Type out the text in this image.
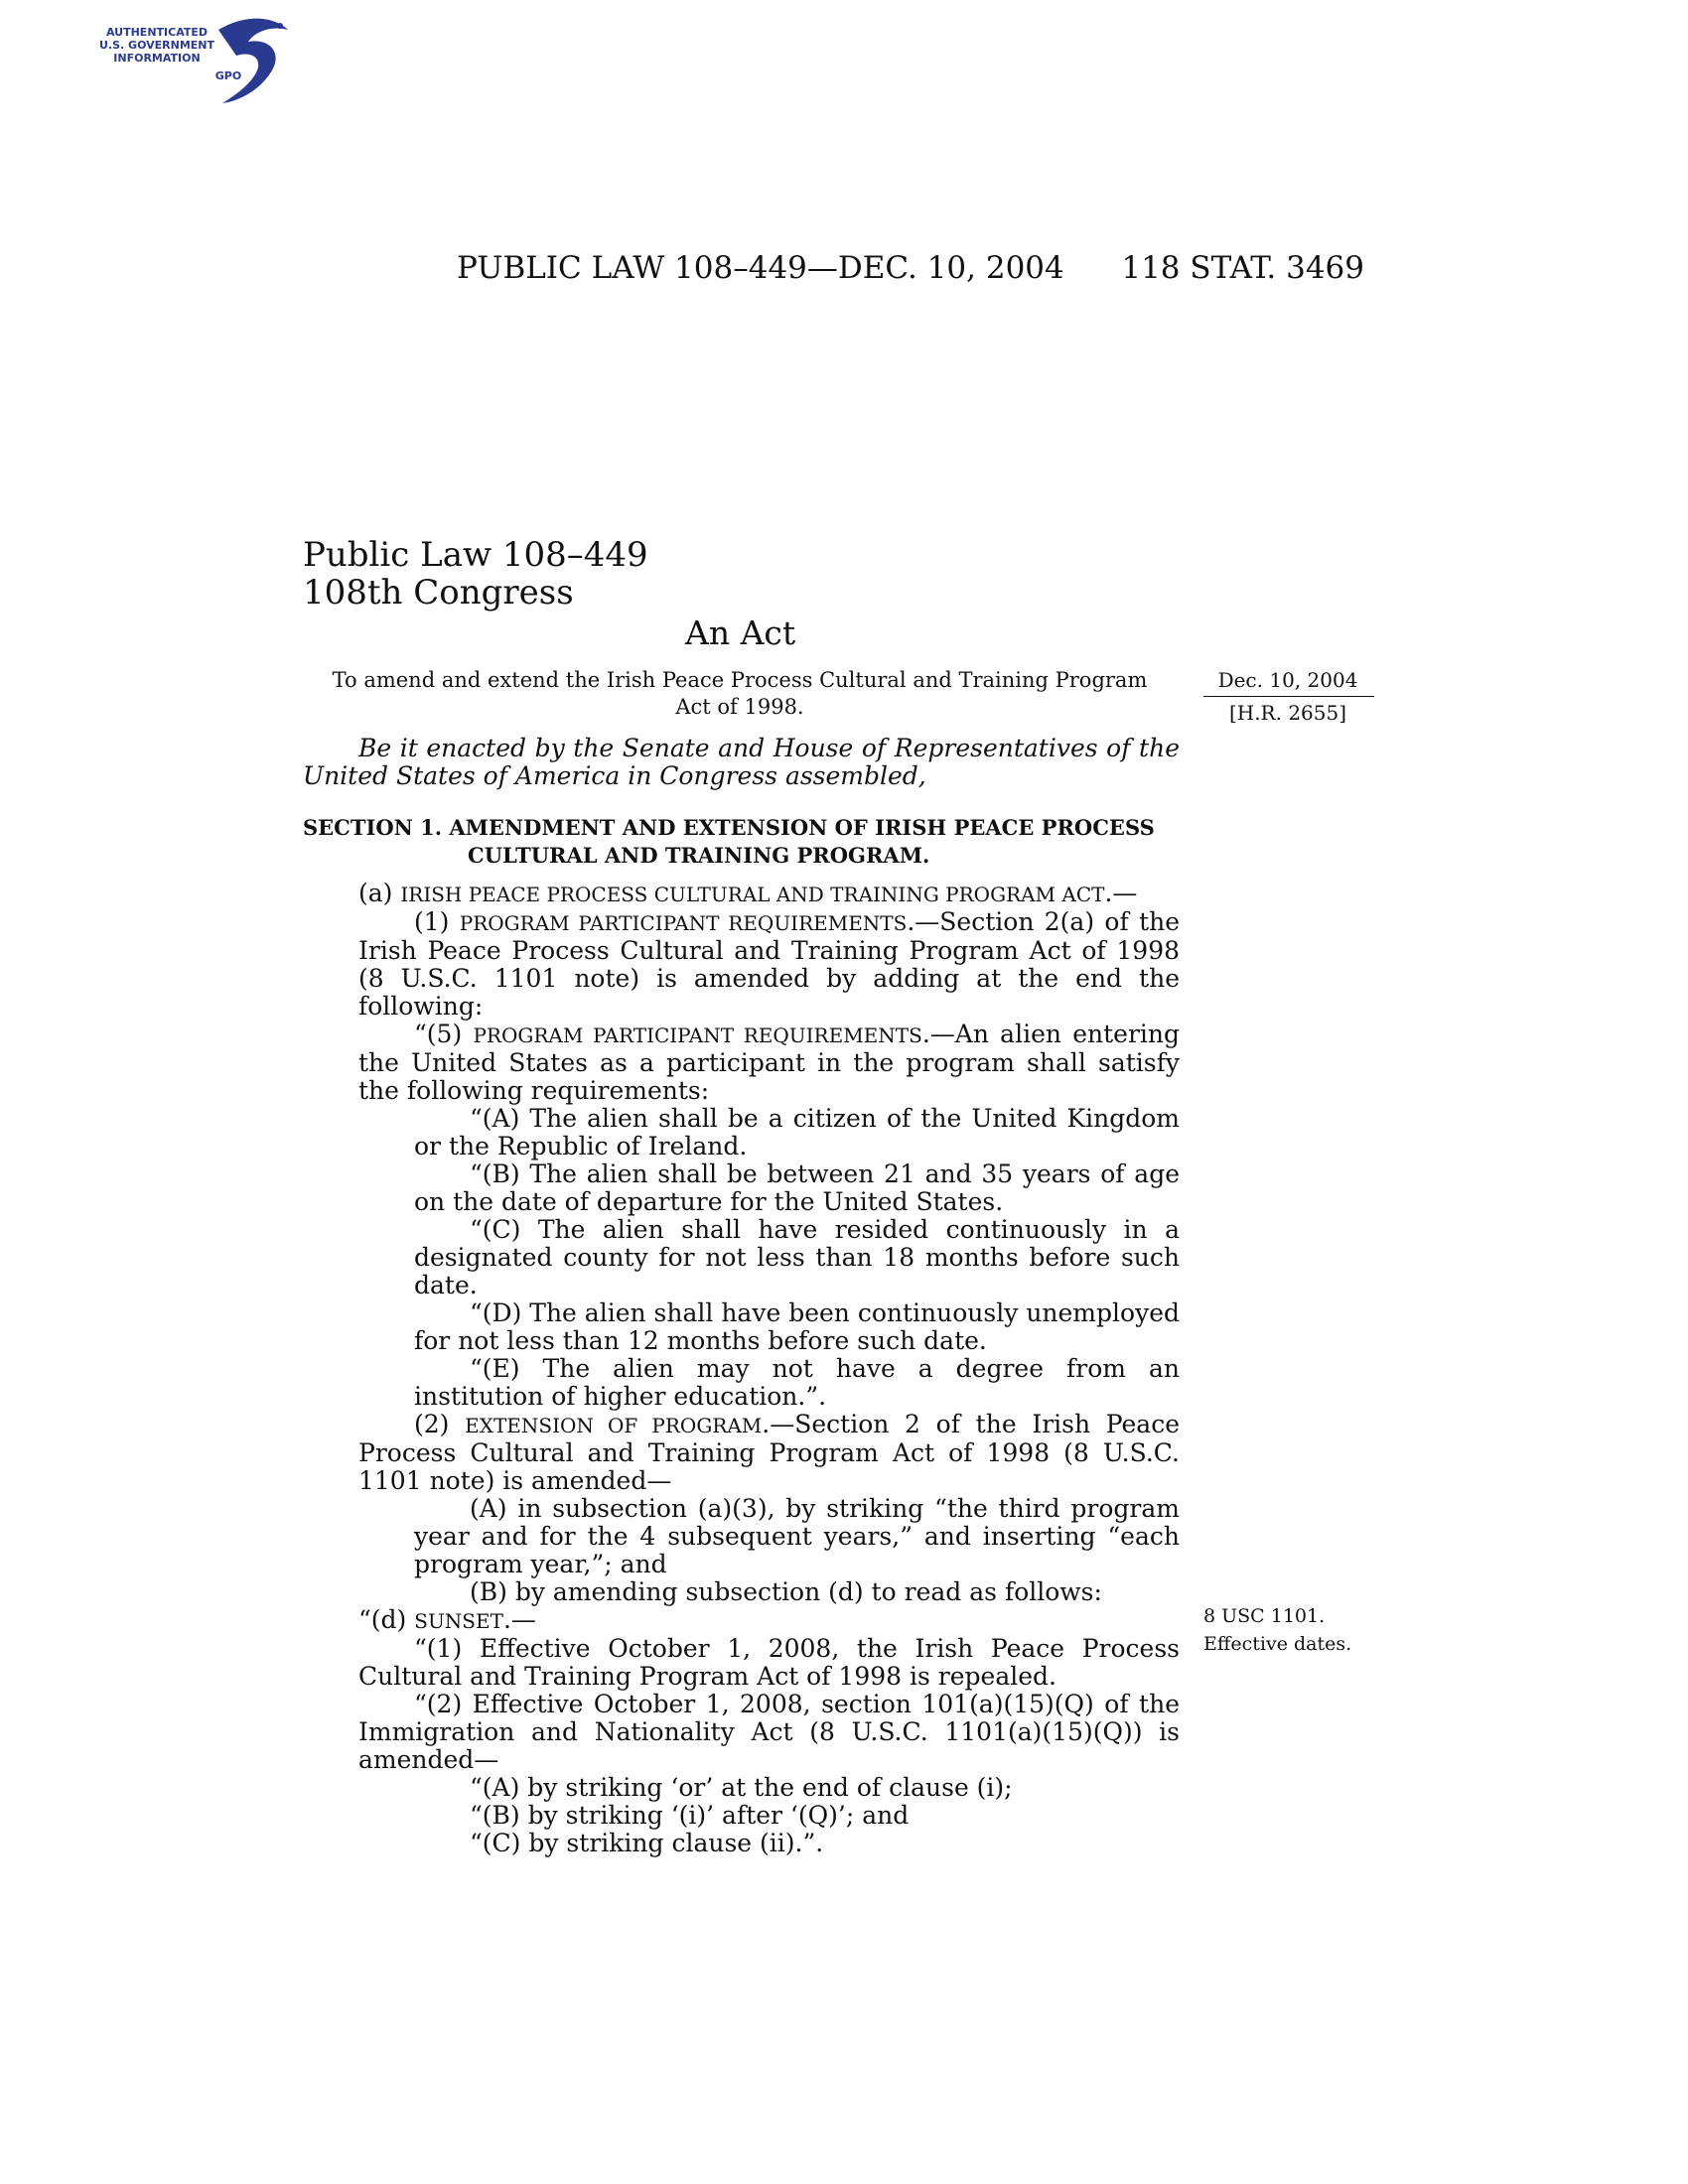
AUTHENTICATED
U.S. GOVERNMENT
INFORMATION
GPO
PUBLIC LAW 108–449—DEC. 10, 2004 118 STAT. 3469
Public Law 108–449
108th Congress
An Act
To amend and extend the Irish Peace Process Cultural and Training Program Act of 1998.
Dec. 10, 2004
[H.R. 2655]
8 USC 1101.
Effective dates.

Be it enacted by the Senate and House of Representatives of the United States of America in Congress assembled,

SECTION 1. AMENDMENT AND EXTENSION OF IRISH PEACE PROCESS
CULTURAL AND TRAINING PROGRAM.

(a) IRISH PEACE PROCESS CULTURAL AND TRAINING PROGRAM ACT.—

(1) PROGRAM PARTICIPANT REQUIREMENTS.—Section 2(a) of the Irish Peace Process Cultural and Training Program Act of 1998 (8 U.S.C. 1101 note) is amended by adding at the end the following:

“(5) PROGRAM PARTICIPANT REQUIREMENTS.—An alien entering the United States as a participant in the program shall satisfy the following requirements:

“(A) The alien shall be a citizen of the United Kingdom or the Republic of Ireland.

“(B) The alien shall be between 21 and 35 years of age on the date of departure for the United States.

“(C) The alien shall have resided continuously in a designated county for not less than 18 months before such date.

“(D) The alien shall have been continuously unemployed for not less than 12 months before such date.

“(E) The alien may not have a degree from an institution of higher education.”.

(2) EXTENSION OF PROGRAM.—Section 2 of the Irish Peace Process Cultural and Training Program Act of 1998 (8 U.S.C. 1101 note) is amended—

(A) in subsection (a)(3), by striking “the third program year and for the 4 subsequent years,” and inserting “each program year,”; and

(B) by amending subsection (d) to read as follows:

“(d) SUNSET.—

“(1) Effective October 1, 2008, the Irish Peace Process Cultural and Training Program Act of 1998 is repealed.

“(2) Effective October 1, 2008, section 101(a)(15)(Q) of the Immigration and Nationality Act (8 U.S.C. 1101(a)(15)(Q)) is amended—

“(A) by striking ‘or’ at the end of clause (i);

“(B) by striking ‘(i)’ after ‘(Q)’; and

“(C) by striking clause (ii).”.
